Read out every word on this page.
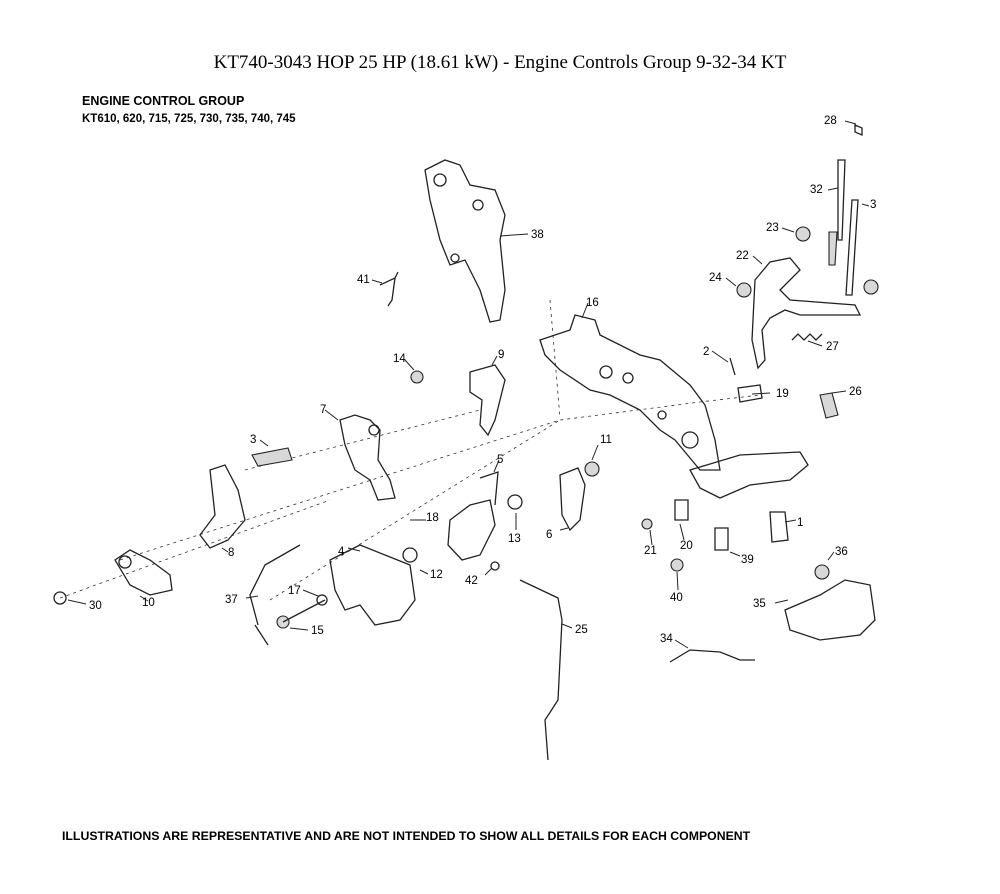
KT740-3043 HOP 25 HP (18.61 kW) - Engine Controls Group 9-32-34 KT
ENGINE CONTROL GROUP
KT610, 620, 715, 725, 730, 735, 740, 745	28
32
3
23
22
24
38
41
16
2	27
19	26
14	9
7
3	11
5
1
18
13 6
21 20
39
36
8	4
12 42
40
10
30
17
37
15
35
25
34
ILLUSTRATIONS ARE REPRESENTATIVE AND ARE NOT INTENDED TO SHOW ALL DETAILS FOR EACH COMPONENT
